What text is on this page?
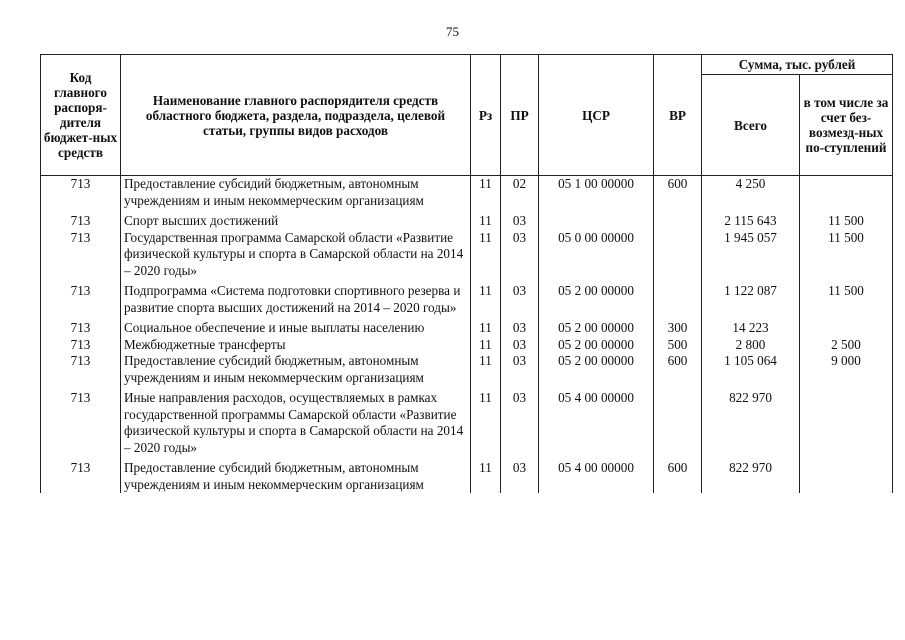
75
Код главного распоря-дителя бюджет-ных средств	Наименование главного распорядителя средств областного бюджета, раздела, подраздела, целевой статьи, группы видов расходов	Рз	ПР	ЦСР	ВР	Сумма, тыс. рублей	
						Всего	в том числе за счет без-возмезд-ных по-ступлений
713	Предоставление субсидий бюджетным, автономным учреждениям и иным некоммерческим организациям	11	02	05 1 00 00000	600	4 250	
713	Спорт высших достижений	11	03			2 115 643	11 500
713	Государственная программа Самарской области «Развитие физической культуры и спорта в Самарской области на 2014 – 2020 годы»	11	03	05 0 00 00000		1 945 057	11 500
713	Подпрограмма «Система подготовки спортивного резерва и развитие спорта высших достижений на 2014 – 2020 годы»	11	03	05 2 00 00000		1 122 087	11 500
713	Социальное обеспечение и иные выплаты населению	11	03	05 2 00 00000	300	14 223	
713	Межбюджетные трансферты	11	03	05 2 00 00000	500	2 800	2 500
713	Предоставление субсидий бюджетным, автономным учреждениям и иным некоммерческим организациям	11	03	05 2 00 00000	600	1 105 064	9 000
713	Иные направления расходов, осуществляемых в рамках государственной программы Самарской области «Развитие физической культуры и спорта в Самарской области на 2014 – 2020 годы»	11	03	05 4 00 00000		822 970	
713	Предоставление субсидий бюджетным, автономным учреждениям и иным некоммерческим организациям	11	03	05 4 00 00000	600	822 970	
